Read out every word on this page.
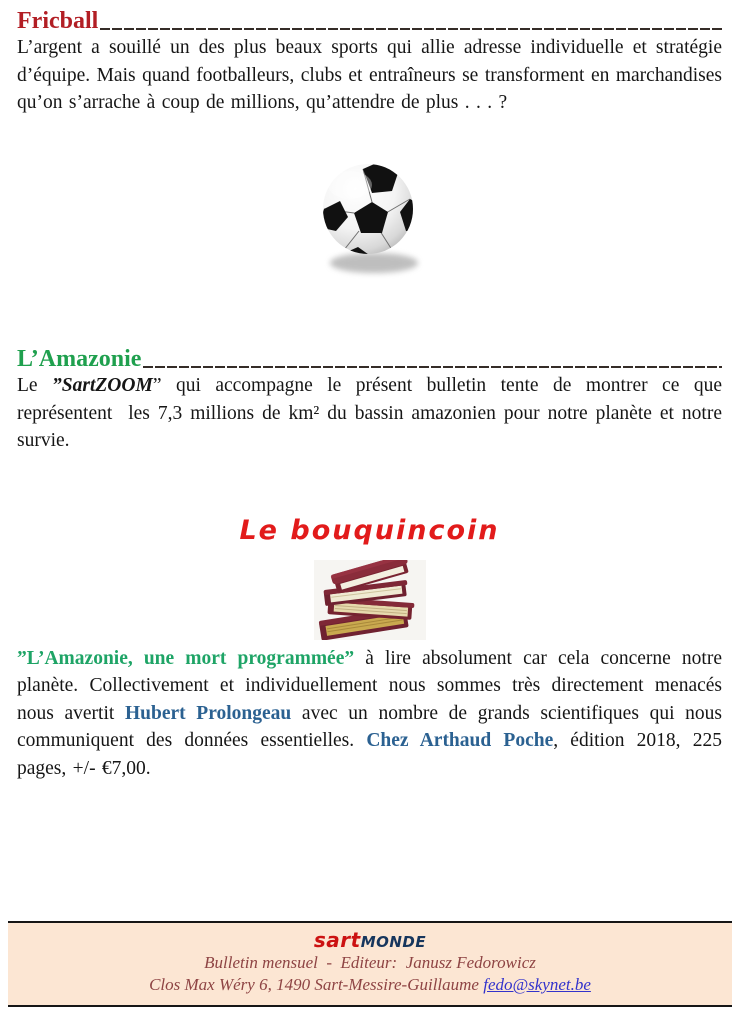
Fricball

L’argent a souillé un des plus beaux sports qui allie adresse individuelle et stratégie d’équipe. Mais quand footballeurs, clubs et entraîneurs se transforment en marchandises qu’on s’arrache à coup de millions, qu’attendre de plus . . . ?

L’Amazonie

Le ”SartZOOM” qui accompagne le présent bulletin tente de montrer ce que représentent  les 7,3 millions de km² du bassin amazonien pour notre planète et notre survie.

Le bouquincoin

”L’Amazonie, une mort programmée” à lire absolument car cela concerne notre planète. Collectivement et individuellement nous sommes très directement menacés nous avertit Hubert Prolongeau avec un nombre de grands scientifiques qui nous communiquent des données essentielles. Chez Arthaud Poche, édition 2018, 225 pages, +/- €7,00.

sartMONDE

Bulletin mensuel  -  Editeur:  Janusz Fedorowicz

Clos Max Wéry 6, 1490 Sart-Messire-Guillaume fedo@skynet.be
